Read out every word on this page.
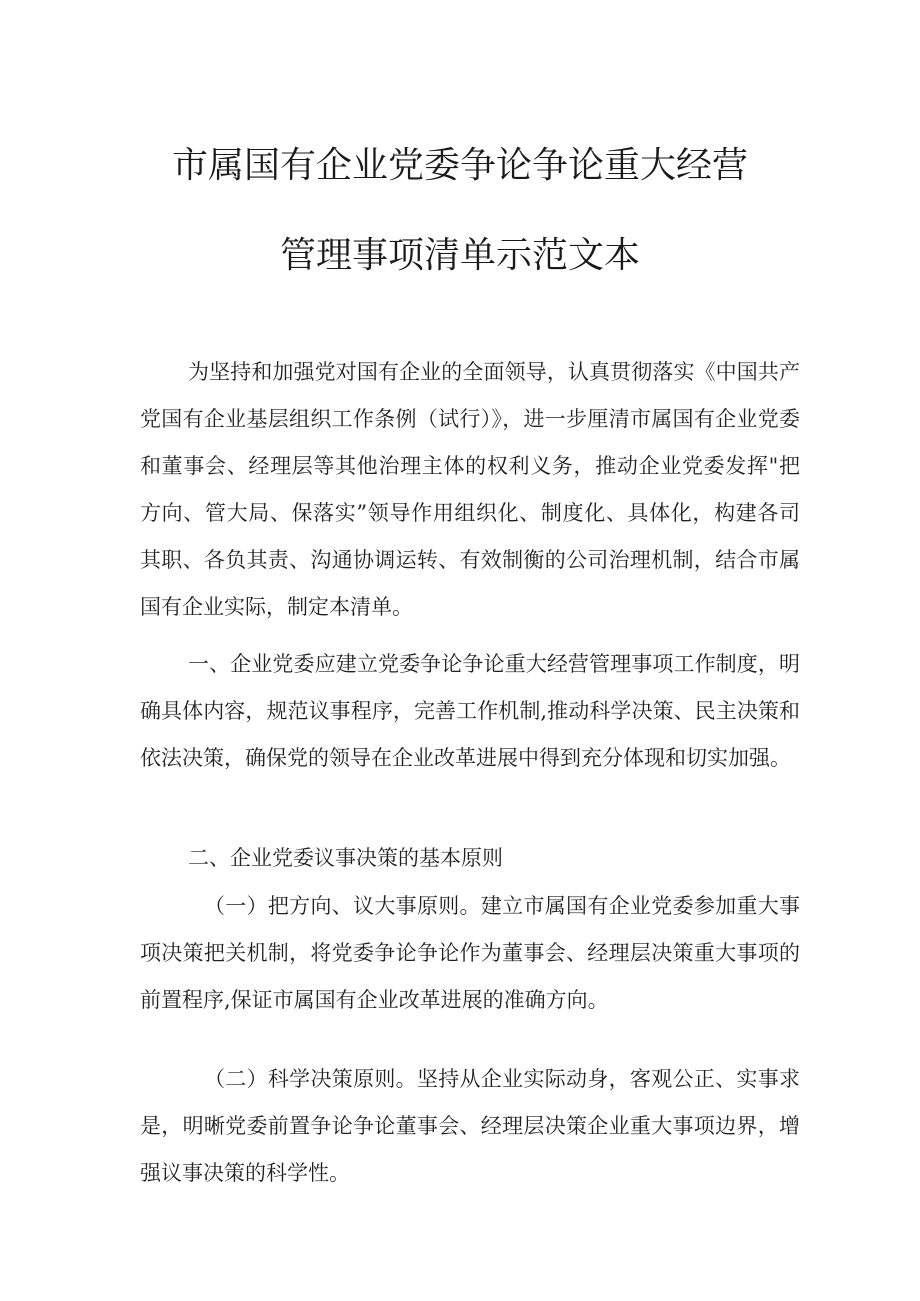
市属国有企业党委争论争论重大经营
管理事项清单示范文本

为坚持和加强党对国有企业的全面领导，认真贯彻落实《中国共产党国有企业基层组织工作条例（试行）》，进一步厘清市属国有企业党委和董事会、经理层等其他治理主体的权利义务，推动企业党委发挥"把方向、管大局、保落实”领导作用组织化、制度化、具体化，构建各司其职、各负其责、沟通协调运转、有效制衡的公司治理机制，结合市属国有企业实际，制定本清单。

一、企业党委应建立党委争论争论重大经营管理事项工作制度，明确具体内容，规范议事程序，完善工作机制,推动科学决策、民主决策和依法决策，确保党的领导在企业改革进展中得到充分体现和切实加强。

二、企业党委议事决策的基本原则

（一）把方向、议大事原则。建立市属国有企业党委参加重大事项决策把关机制，将党委争论争论作为董事会、经理层决策重大事项的前置程序,保证市属国有企业改革进展的准确方向。

（二）科学决策原则。坚持从企业实际动身，客观公正、实事求是，明晰党委前置争论争论董事会、经理层决策企业重大事项边界，增强议事决策的科学性。
